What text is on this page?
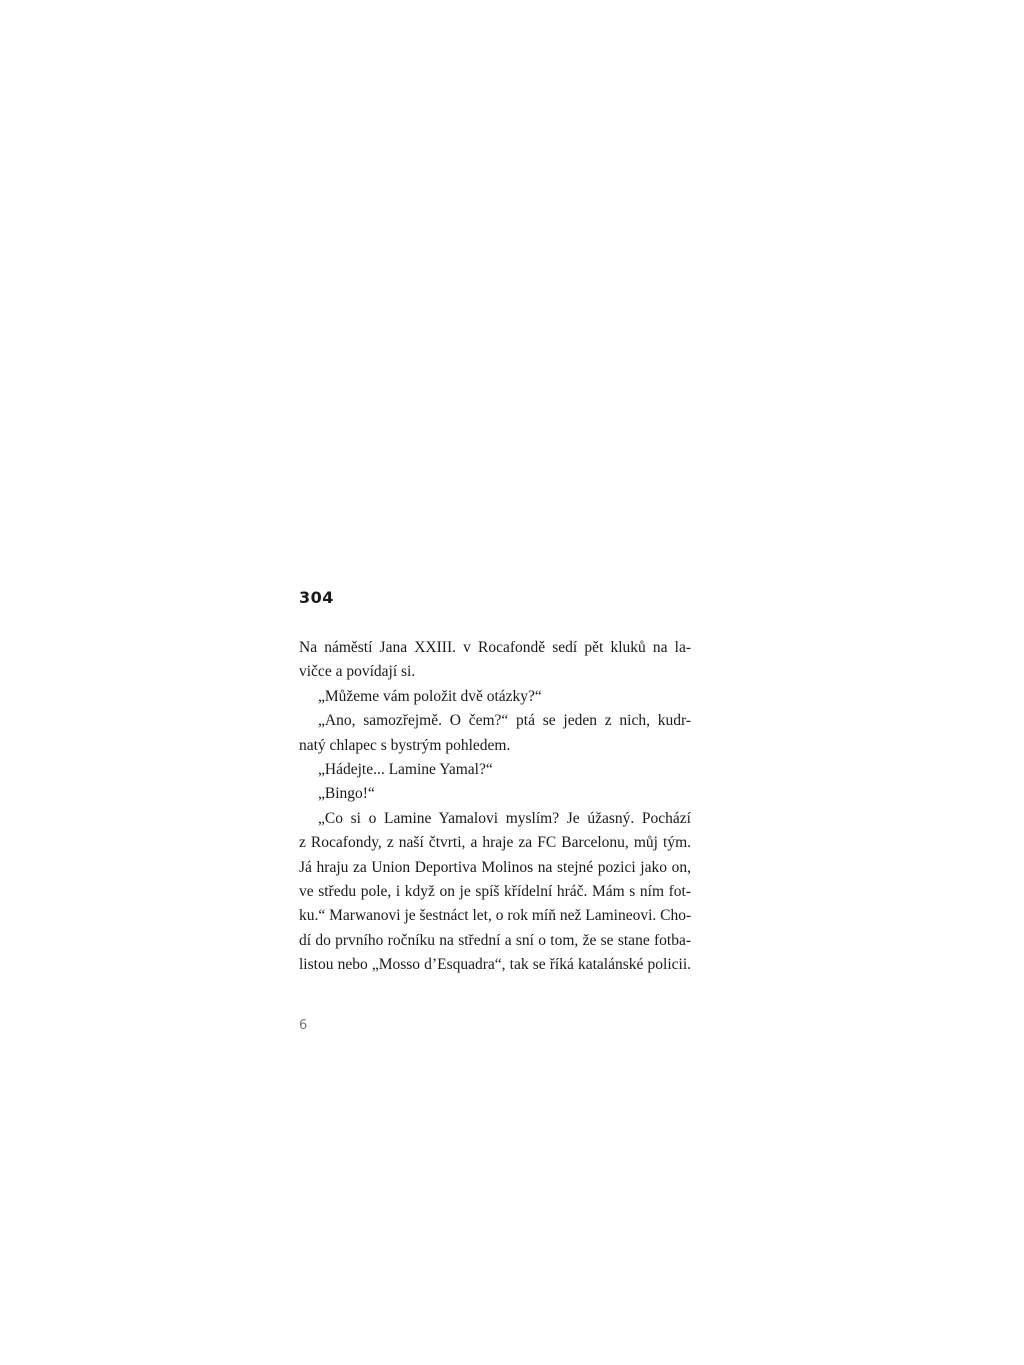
304
Na náměstí Jana XXIII. v Rocafondě sedí pět kluků na la-
vičce a povídají si.
„Můžeme vám položit dvě otázky?“
„Ano, samozřejmě. O čem?“ ptá se jeden z nich, kudr-
natý chlapec s bystrým pohledem.
„Hádejte... Lamine Yamal?“
„Bingo!“
„Co si o Lamine Yamalovi myslím? Je úžasný. Pochází
z Rocafondy, z naší čtvrti, a hraje za FC Barcelonu, můj tým.
Já hraju za Union Deportiva Molinos na stejné pozici jako on,
ve středu pole, i když on je spíš křídelní hráč. Mám s ním fot-
ku.“ Marwanovi je šestnáct let, o rok míň než Lamineovi. Cho-
dí do prvního ročníku na střední a sní o tom, že se stane fotba-
listou nebo „Mosso d’Esquadra“, tak se říká katalánské policii.
6
